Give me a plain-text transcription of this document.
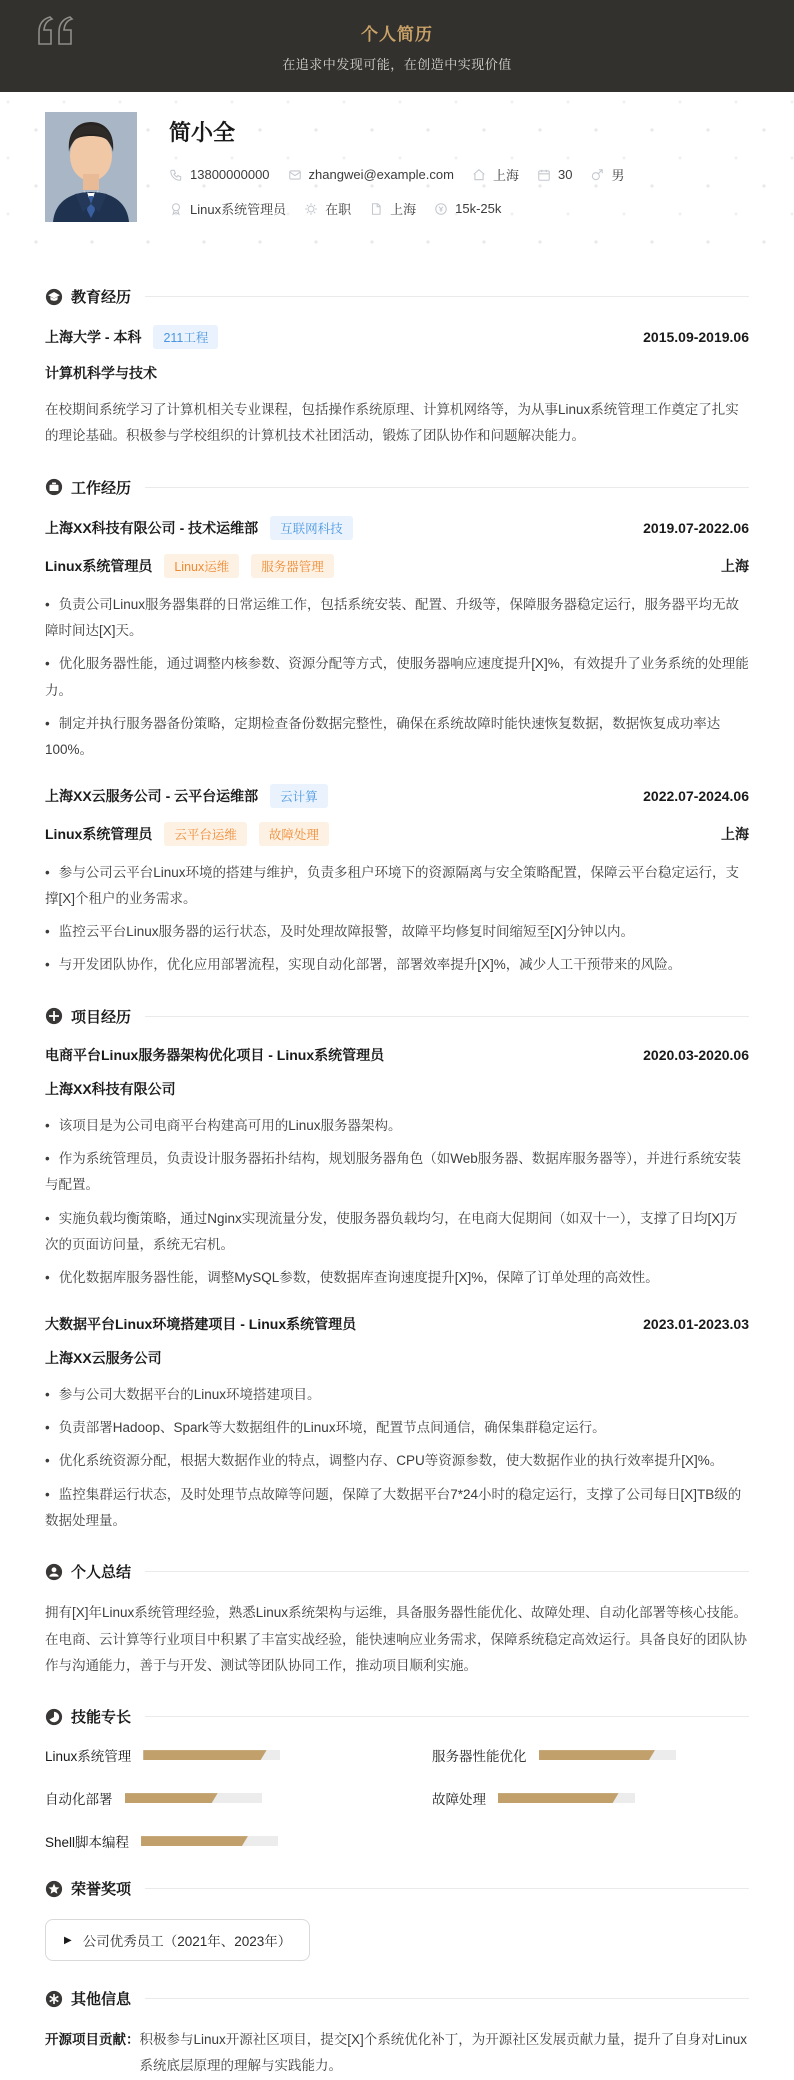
个人简历
在追求中发现可能，在创造中实现价值
简小全
13800000000	zhangwei@example.com	上海	30	男
Linux系统管理员	在职	上海	15k-25k
教育经历
上海大学 - 本科	211工程	2015.09-2019.06
计算机科学与技术

在校期间系统学习了计算机相关专业课程，包括操作系统原理、计算机网络等，为从事Linux系统管理工作奠定了扎实的理论基础。积极参与学校组织的计算机技术社团活动，锻炼了团队协作和问题解决能力。

工作经历
上海XX科技有限公司 - 技术运维部	互联网科技	2019.07-2022.06
Linux系统管理员	Linux运维	服务器管理	上海
• 负责公司Linux服务器集群的日常运维工作，包括系统安装、配置、升级等，保障服务器稳定运行，服务器平均无故障时间达[X]天。
• 优化服务器性能，通过调整内核参数、资源分配等方式，使服务器响应速度提升[X]%，有效提升了业务系统的处理能力。
• 制定并执行服务器备份策略，定期检查备份数据完整性，确保在系统故障时能快速恢复数据，数据恢复成功率达100%。
上海XX云服务公司 - 云平台运维部	云计算	2022.07-2024.06
Linux系统管理员	云平台运维	故障处理	上海
• 参与公司云平台Linux环境的搭建与维护，负责多租户环境下的资源隔离与安全策略配置，保障云平台稳定运行，支撑[X]个租户的业务需求。
• 监控云平台Linux服务器的运行状态，及时处理故障报警，故障平均修复时间缩短至[X]分钟以内。
• 与开发团队协作，优化应用部署流程，实现自动化部署，部署效率提升[X]%，减少人工干预带来的风险。
项目经历
电商平台Linux服务器架构优化项目 - Linux系统管理员	2020.03-2020.06
上海XX科技有限公司
• 该项目是为公司电商平台构建高可用的Linux服务器架构。
• 作为系统管理员，负责设计服务器拓扑结构，规划服务器角色（如Web服务器、数据库服务器等），并进行系统安装与配置。
• 实施负载均衡策略，通过Nginx实现流量分发，使服务器负载均匀，在电商大促期间（如双十一），支撑了日均[X]万次的页面访问量，系统无宕机。
• 优化数据库服务器性能，调整MySQL参数，使数据库查询速度提升[X]%，保障了订单处理的高效性。
大数据平台Linux环境搭建项目 - Linux系统管理员	2023.01-2023.03
上海XX云服务公司
• 参与公司大数据平台的Linux环境搭建项目。
• 负责部署Hadoop、Spark等大数据组件的Linux环境，配置节点间通信，确保集群稳定运行。
• 优化系统资源分配，根据大数据作业的特点，调整内存、CPU等资源参数，使大数据作业的执行效率提升[X]%。
• 监控集群运行状态，及时处理节点故障等问题，保障了大数据平台7*24小时的稳定运行，支撑了公司每日[X]TB级的数据处理量。
个人总结

拥有[X]年Linux系统管理经验，熟悉Linux系统架构与运维，具备服务器性能优化、故障处理、自动化部署等核心技能。在电商、云计算等行业项目中积累了丰富实战经验，能快速响应业务需求，保障系统稳定高效运行。具备良好的团队协作与沟通能力，善于与开发、测试等团队协同工作，推动项目顺利实施。

技能专长
Linux系统管理	服务器性能优化
自动化部署	故障处理
Shell脚本编程
荣誉奖项
▶ 公司优秀员工（2021年、2023年）
其他信息
开源项目贡献： 积极参与Linux开源社区项目，提交[X]个系统优化补丁，为开源社区发展贡献力量，提升了自身对Linux系统底层原理的理解与实践能力。
